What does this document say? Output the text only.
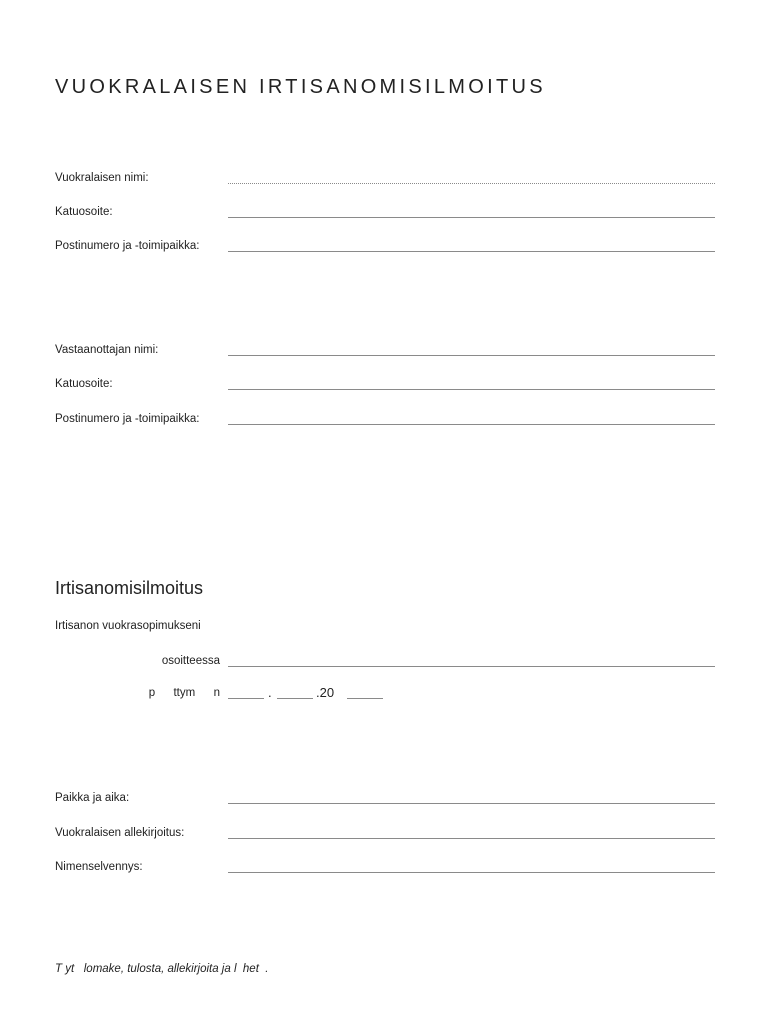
VUOKRALAISEN IRTISANOMISILMOITUS
Vuokralaisen nimi:
Katuosoite:
Postinumero ja -toimipaikka:
Vastaanottajan nimi:
Katuosoite:
Postinumero ja -toimipaikka:
Irtisanomisilmoitus
Irtisanon vuokrasopimukseni
osoitteessa
p  ttym  n	.	.20
Paikka ja aika:
Vuokralaisen allekirjoitus:
Nimenselvennys:
T yt   lomake, tulosta, allekirjoita ja l  het  .
